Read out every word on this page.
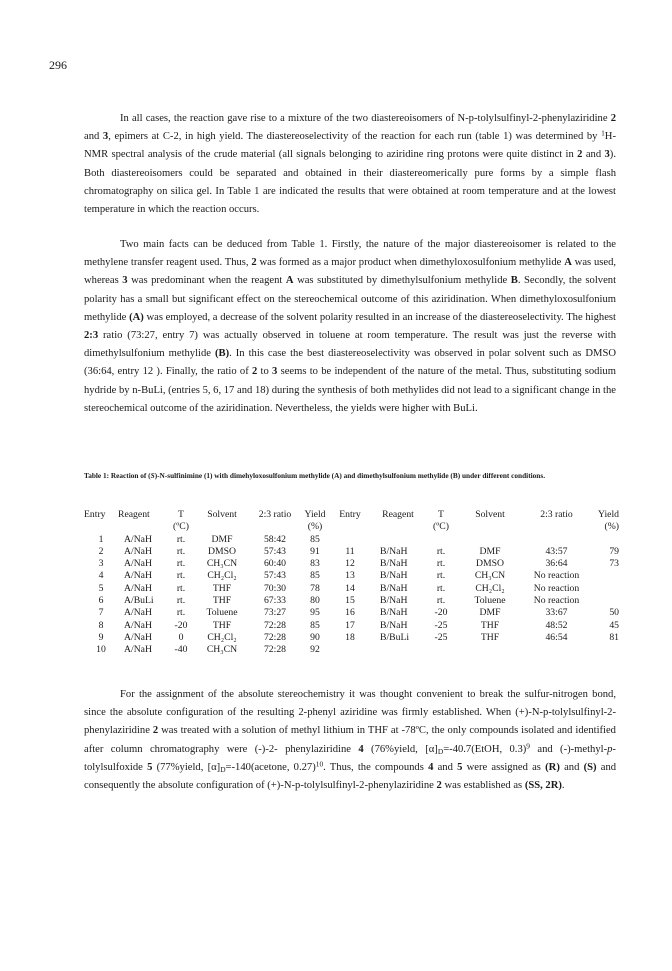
296

In all cases, the reaction gave rise to a mixture of the two diastereoisomers of N-p-tolylsulfinyl-2-phenylaziridine 2 and 3, epimers at C-2, in high yield. The diastereoselectivity of the reaction for each run (table 1) was determined by $^1$H-NMR spectral analysis of the crude material (all signals belonging to aziridine ring protons were quite distinct in 2 and 3). Both diastereoisomers could be separated and obtained in their diastereomerically pure forms by a simple flash chromatography on silica gel. In Table 1 are indicated the results that were obtained at room temperature and at the lowest temperature in which the reaction occurs.

Two main facts can be deduced from Table 1. Firstly, the nature of the major diastereoisomer is related to the methylene transfer reagent used. Thus, 2 was formed as a major product when dimethyloxosulfonium methylide A was used, whereas 3 was predominant when the reagent A was substituted by dimethylsulfonium methylide B. Secondly, the solvent polarity has a small but significant effect on the stereochemical outcome of this aziridination. When dimethyloxosulfonium methylide (A) was employed, a decrease of the solvent polarity resulted in an increase of the diastereoselectivity. The highest 2:3 ratio (73:27, entry 7) was actually observed in toluene at room temperature. The result was just the reverse with dimethylsulfonium methylide (B). In this case the best diastereoselectivity was observed in polar solvent such as DMSO (36:64, entry 12 ). Finally, the ratio of 2 to 3 seems to be independent of the nature of the metal. Thus, substituting sodium hydride by n-BuLi, (entries 5, 6, 17 and 18) during the synthesis of both methylides did not lead to a significant change in the stereochemical outcome of the aziridination. Nevertheless, the yields were higher with BuLi.

Table 1: Reaction of (S)-N-sulfinimine (1) with dimehyloxosulfonium methylide (A) and dimethylsulfonium methylide (B) under different conditions.

Entry	Reagent	T	Solvent	2:3 ratio	Yield	Entry	Reagent	T	Solvent	2:3 ratio	Yield
		(ºC)			(%)			(ºC)			(%)
1	A/NaH	rt.	DMF	58:42	85						
2	A/NaH	rt.	DMSO	57:43	91	11	B/NaH	rt.	DMF	43:57	79
3	A/NaH	rt.	CH₃CN	60:40	83	12	B/NaH	rt.	DMSO	36:64	73
4	A/NaH	rt.	CH₂Cl₂	57:43	85	13	B/NaH	rt.	CH₃CN	No reaction	
5	A/NaH	rt.	THF	70:30	78	14	B/NaH	rt.	CH₂Cl₂	No reaction	
6	A/BuLi	rt.	THF	67:33	80	15	B/NaH	rt.	Toluene	No reaction	
7	A/NaH	rt.	Toluene	73:27	95	16	B/NaH	-20	DMF	33:67	50
8	A/NaH	-20	THF	72:28	85	17	B/NaH	-25	THF	48:52	45
9	A/NaH	0	CH₂Cl₂	72:28	90	18	B/BuLi	-25	THF	46:54	81
10	A/NaH	-40	CH₃CN	72:28	92						

For the assignment of the absolute stereochemistry it was thought convenient to break the sulfur-nitrogen bond, since the absolute configuration of the resulting 2-phenyl aziridine was firmly established. When (+)-N-p-tolylsulfinyl-2-phenylaziridine 2 was treated with a solution of methyl lithium in THF at -78ºC, the only compounds isolated and identified after column chromatography were (-)-2- phenylaziridine 4 (76%yield, $[\alpha]_D=-40.7(EtOH$, 0.3)$^9$ and (-)-methyl-p-tolylsulfoxide 5 (77%yield, $[\alpha]_D=-140(acetone$, 0.27)$^{10}$. Thus, the compounds 4 and 5 were assigned as (R) and (S) and consequently the absolute configuration of (+)-N-p-tolylsulfinyl-2-phenylaziridine 2 was established as (SS, 2R).
